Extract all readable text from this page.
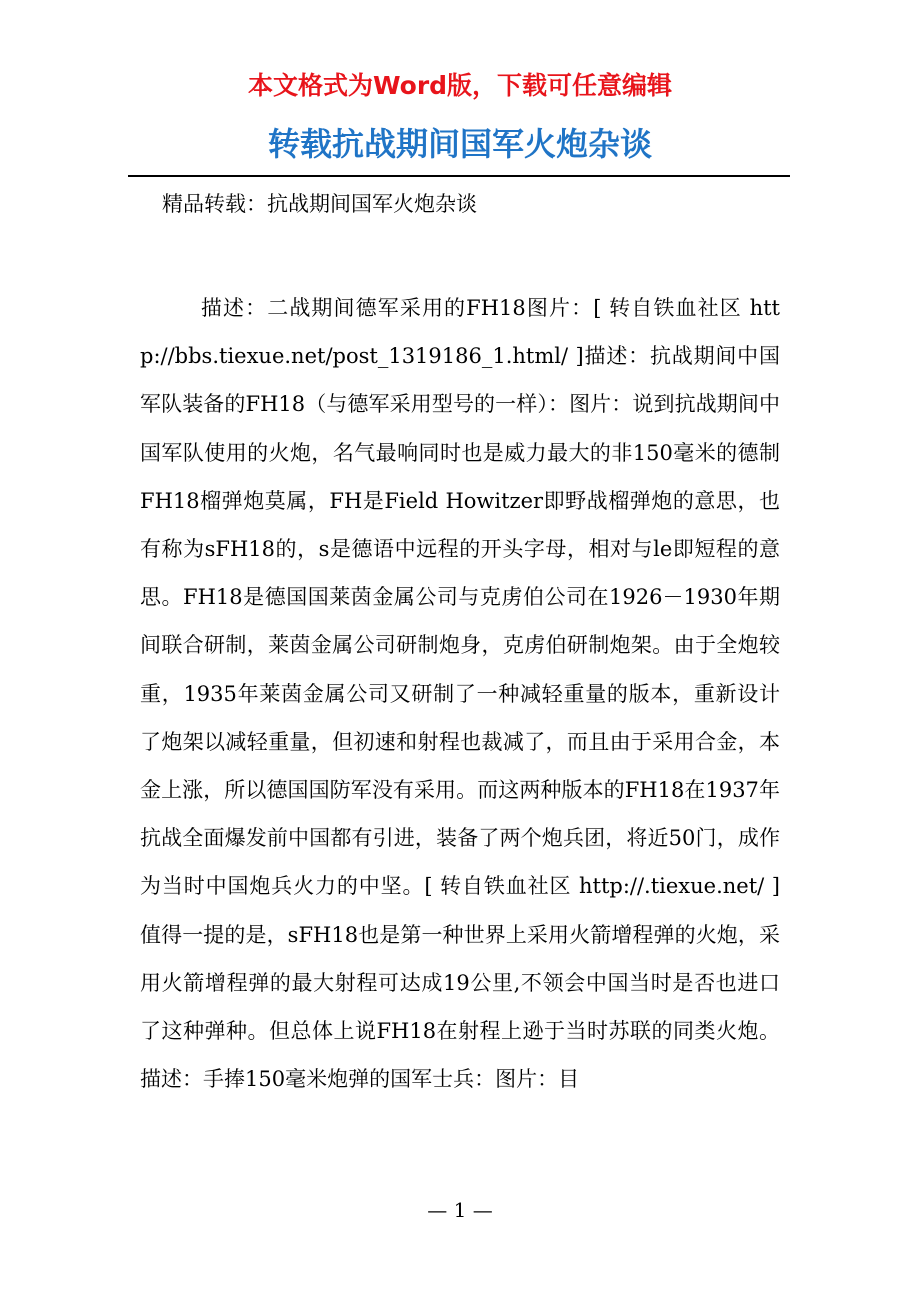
本文格式为Word版，下载可任意编辑
转载抗战期间国军火炮杂谈

精品转载：抗战期间国军火炮杂谈

描述：二战期间德军采用的FH18图片：[ 转自铁血社区 http://bbs.tiexue.net/post_1319186_1.html/ ]描述：抗战期间中国军队装备的FH18（与德军采用型号的一样）：图片：说到抗战期间中国军队使用的火炮，名气最响同时也是威力最大的非150毫米的德制FH18榴弹炮莫属，FH是Field Howitzer即野战榴弹炮的意思，也有称为sFH18的，s是德语中远程的开头字母，相对与le即短程的意思。FH18是德国国莱茵金属公司与克虏伯公司在1926－1930年期间联合研制，莱茵金属公司研制炮身，克虏伯研制炮架。由于全炮较重，1935年莱茵金属公司又研制了一种减轻重量的版本，重新设计了炮架以减轻重量，但初速和射程也裁减了，而且由于采用合金，本金上涨，所以德国国防军没有采用。而这两种版本的FH18在1937年抗战全面爆发前中国都有引进，装备了两个炮兵团，将近50门，成作为当时中国炮兵火力的中坚。[ 转自铁血社区 http://.tiexue.net/ ]值得一提的是，sFH18也是第一种世界上采用火箭增程弹的火炮，采用火箭增程弹的最大射程可达成19公里,不领会中国当时是否也进口了这种弹种。但总体上说FH18在射程上逊于当时苏联的同类火炮。描述：手捧150毫米炮弹的国军士兵：图片：目

— 1 —
